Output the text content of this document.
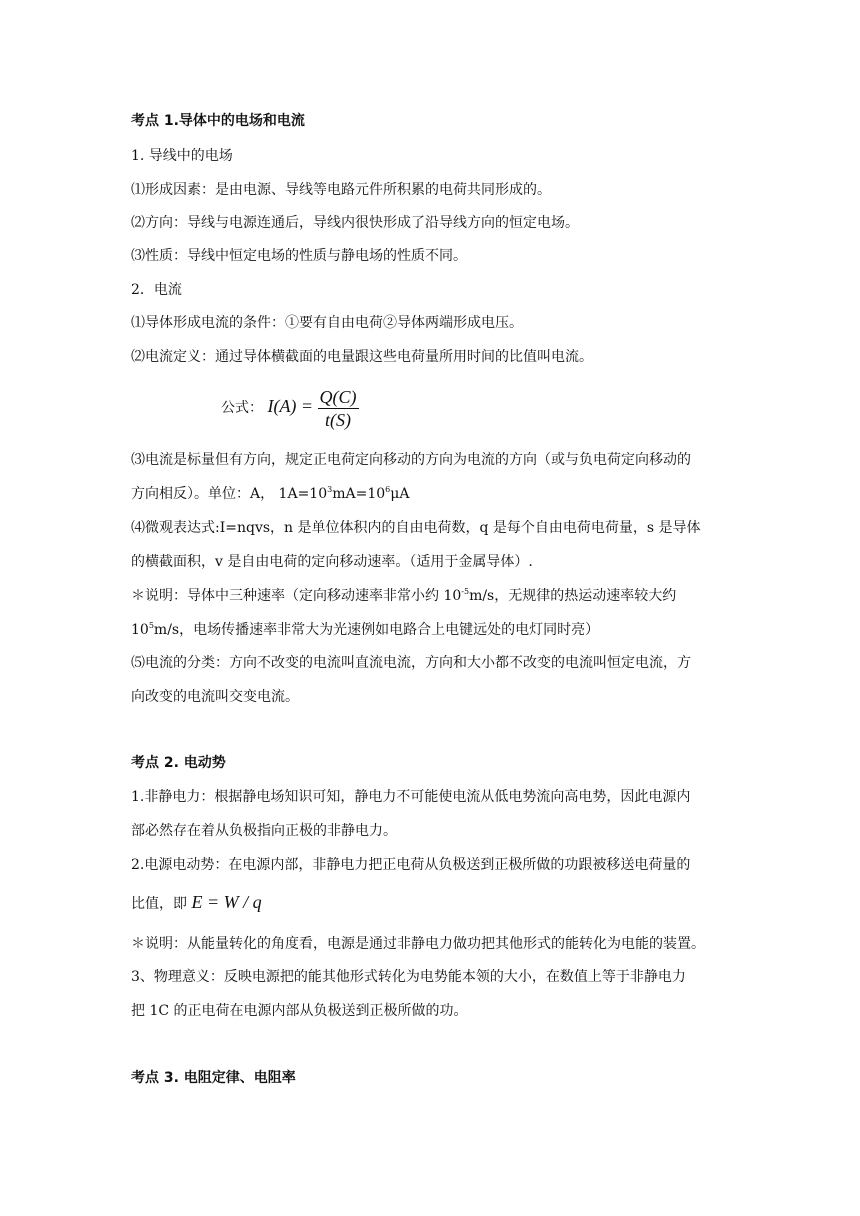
考点 1.导体中的电场和电流
1. 导线中的电场
⑴形成因素：是由电源、导线等电路元件所积累的电荷共同形成的。
⑵方向：导线与电源连通后，导线内很快形成了沿导线方向的恒定电场。
⑶性质：导线中恒定电场的性质与静电场的性质不同。
2．电流
⑴导体形成电流的条件：①要有自由电荷②导体两端形成电压。
⑵电流定义：通过导体横截面的电量跟这些电荷量所用时间的比值叫电流。
公式： $I(A) = \frac{Q(C)}{t(S)}$
⑶电流是标量但有方向，规定正电荷定向移动的方向为电流的方向（或与负电荷定向移动的
方向相反）。单位：A， $1A=10^3mA=10^6\mu A$
⑷微观表达式:I=nqvs，n 是单位体积内的自由电荷数，q 是每个自由电荷电荷量，s 是导体
的横截面积，v 是自由电荷的定向移动速率。（适用于金属导体）.
＊说明：导体中三种速率（定向移动速率非常小约 $10^{-5}m/s$，无规律的热运动速率较大约
$10^5m/s$，电场传播速率非常大为光速例如电路合上电键远处的电灯同时亮）
⑸电流的分类：方向不改变的电流叫直流电流，方向和大小都不改变的电流叫恒定电流，方
向改变的电流叫交变电流。
考点 2. 电动势
1.非静电力：根据静电场知识可知，静电力不可能使电流从低电势流向高电势，因此电源内
部必然存在着从负极指向正极的非静电力。
2.电源电动势：在电源内部，非静电力把正电荷从负极送到正极所做的功跟被移送电荷量的
比值，即 E = W / q
＊说明：从能量转化的角度看，电源是通过非静电力做功把其他形式的能转化为电能的装置。
3、物理意义：反映电源把的能其他形式转化为电势能本领的大小，在数值上等于非静电力
把 1C 的正电荷在电源内部从负极送到正极所做的功。
考点 3. 电阻定律、电阻率
